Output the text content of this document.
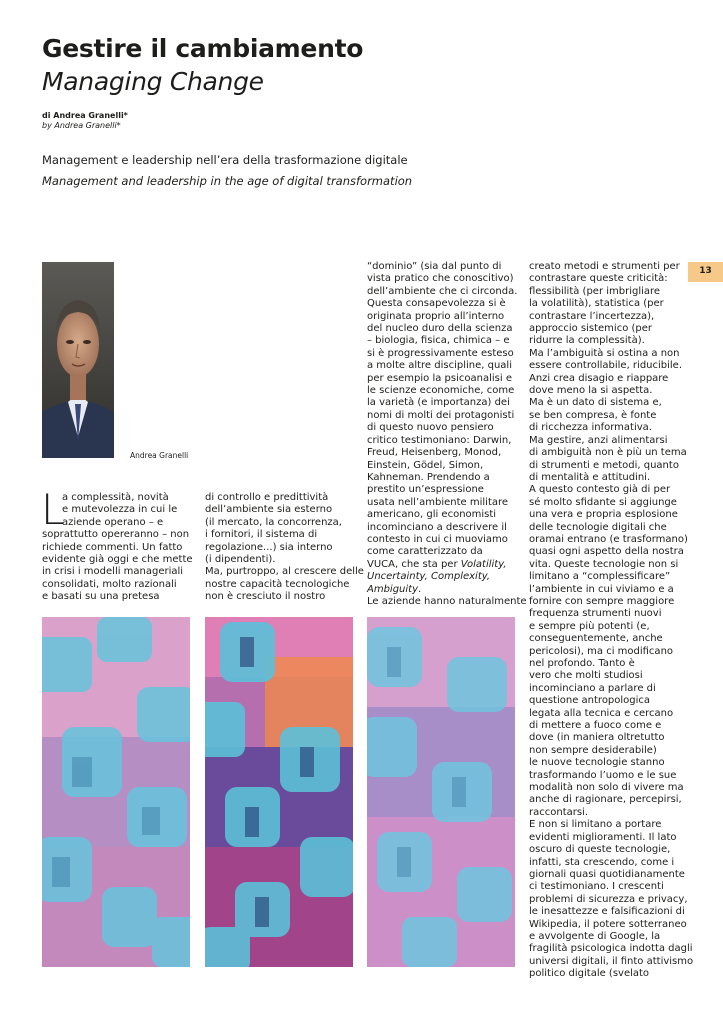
Gestire il cambiamento
Managing Change
di Andrea Granelli*
by Andrea Granelli*
Management e leadership nell’era della trasformazione digitale
Management and leadership in the age of digital transformation
13
Andrea Granelli
L
a complessità, novità
e mutevolezza in cui le
aziende operano – e
soprattutto opereranno – non
richiede commenti. Un fatto
evidente già oggi e che mette
in crisi i modelli manageriali
consolidati, molto razionali
e basati su una pretesa
di controllo e predittività
dell’ambiente sia esterno
(il mercato, la concorrenza,
i fornitori, il sistema di
regolazione...) sia interno
(i dipendenti).
Ma, purtroppo, al crescere delle
nostre capacità tecnologiche
non è cresciuto il nostro
“dominio” (sia dal punto di
vista pratico che conoscitivo)
dell’ambiente che ci circonda.
Questa consapevolezza si è
originata proprio all’interno
del nucleo duro della scienza
– biologia, fisica, chimica – e
si è progressivamente esteso
a molte altre discipline, quali
per esempio la psicoanalisi e
le scienze economiche, come
la varietà (e importanza) dei
nomi di molti dei protagonisti
di questo nuovo pensiero
critico testimoniano: Darwin,
Freud, Heisenberg, Monod,
Einstein, Gödel, Simon,
Kahneman. Prendendo a
prestito un’espressione
usata nell’ambiente militare
americano, gli economisti
incominciano a descrivere il
contesto in cui ci muoviamo
come caratterizzato da
VUCA, che sta per Volatility,
Uncertainty, Complexity,
Ambiguity.
Le aziende hanno naturalmente
creato metodi e strumenti per
contrastare queste criticità:
flessibilità (per imbrigliare
la volatilità), statistica (per
contrastare l’incertezza),
approccio sistemico (per
ridurre la complessità).
Ma l’ambiguità si ostina a non
essere controllabile, riducibile.
Anzi crea disagio e riappare
dove meno la si aspetta.
Ma è un dato di sistema e,
se ben compresa, è fonte
di ricchezza informativa.
Ma gestire, anzi alimentarsi
di ambiguità non è più un tema
di strumenti e metodi, quanto
di mentalità e attitudini.
A questo contesto già di per
sé molto sfidante si aggiunge
una vera e propria esplosione
delle tecnologie digitali che
oramai entrano (e trasformano)
quasi ogni aspetto della nostra
vita. Queste tecnologie non si
limitano a “complessificare”
l’ambiente in cui viviamo e a
fornire con sempre maggiore
frequenza strumenti nuovi
e sempre più potenti (e,
conseguentemente, anche
pericolosi), ma ci modificano
nel profondo. Tanto è
vero che molti studiosi
incominciano a parlare di
questione antropologica
legata alla tecnica e cercano
di mettere a fuoco come e
dove (in maniera oltretutto
non sempre desiderabile)
le nuove tecnologie stanno
trasformando l’uomo e le sue
modalità non solo di vivere ma
anche di ragionare, percepirsi,
raccontarsi.
E non si limitano a portare
evidenti miglioramenti. Il lato
oscuro di queste tecnologie,
infatti, sta crescendo, come i
giornali quasi quotidianamente
ci testimoniano. I crescenti
problemi di sicurezza e privacy,
le inesattezze e falsificazioni di
Wikipedia, il potere sotterraneo
e avvolgente di Google, la
fragilità psicologica indotta dagli
universi digitali, il finto attivismo
politico digitale (svelato
